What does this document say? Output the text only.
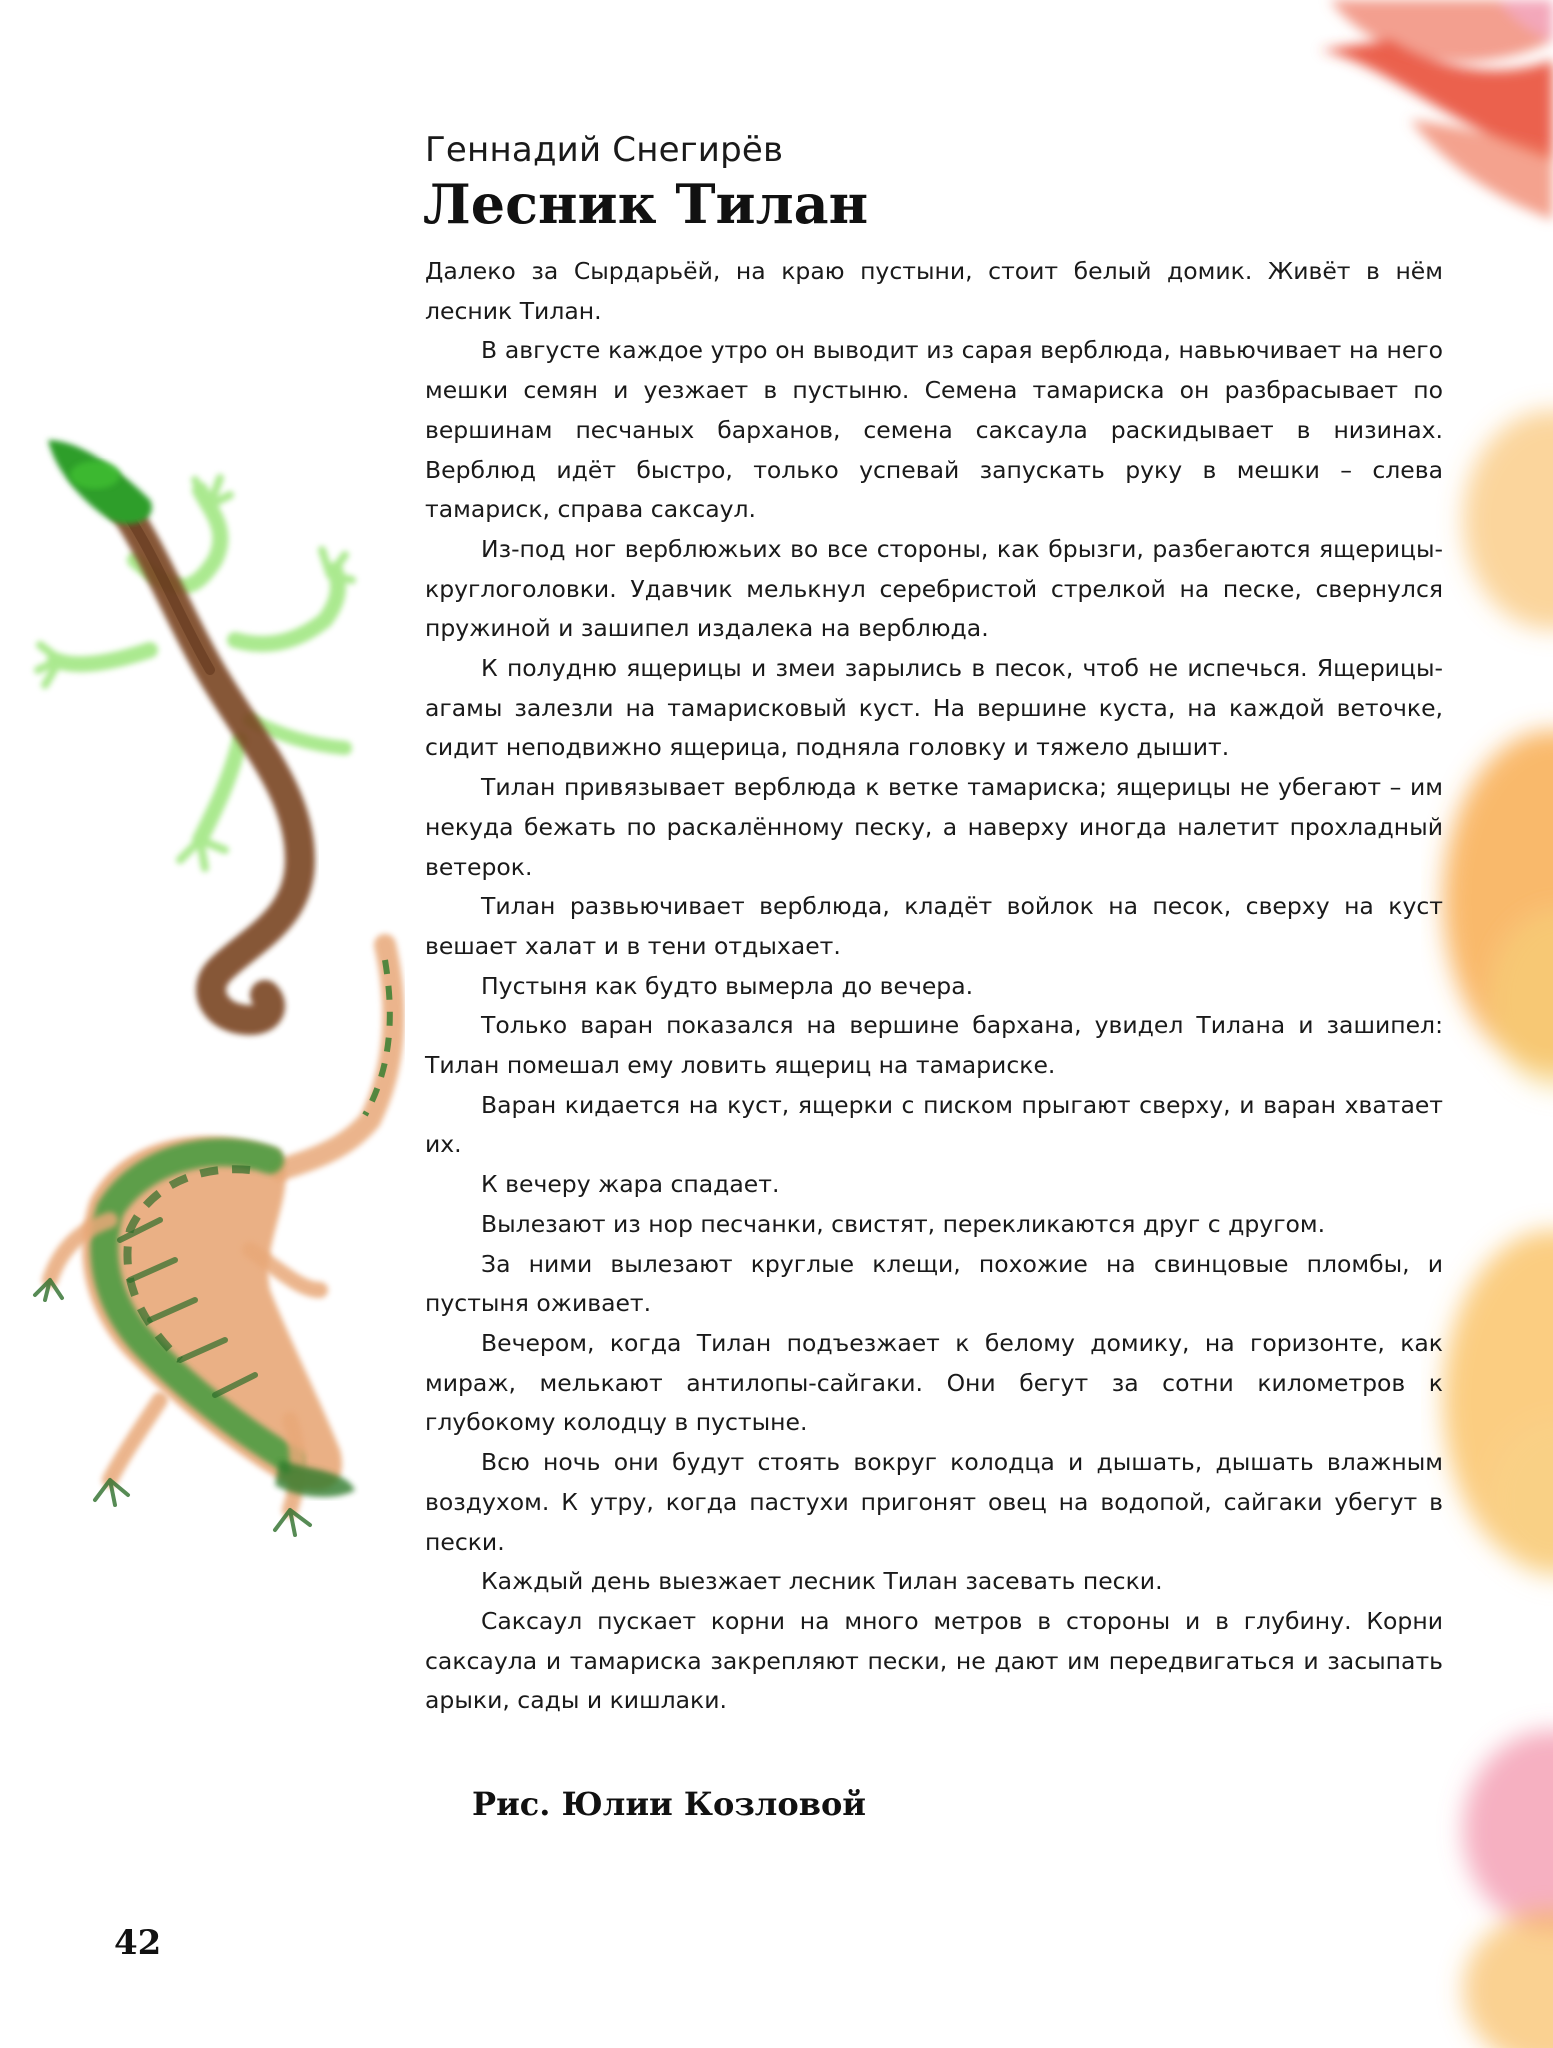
Геннадий Снегирёв
Лесник Тилан

Далеко за Сырдарьёй, на краю пустыни, стоит белый домик. Живёт в нём лесник Тилан.

В августе каждое утро он выводит из сарая верблюда, навьючивает на него мешки семян и уезжает в пустыню. Семена тамариска он разбрасывает по вершинам песчаных барханов, семена саксаула раскидывает в низинах. Верблюд идёт быстро, только успевай запускать руку в мешки – слева тамариск, справа саксаул.

Из-под ног верблюжьих во все стороны, как брызги, разбегаются ящерицы-круглоголовки. Удавчик мелькнул серебристой стрелкой на песке, свернулся пружиной и зашипел издалека на верблюда.

К полудню ящерицы и змеи зарылись в песок, чтоб не испечься. Ящерицы-агамы залезли на тамарисковый куст. На вершине куста, на каждой веточке, сидит неподвижно ящерица, подняла головку и тяжело дышит.

Тилан привязывает верблюда к ветке тамариска; ящерицы не убегают – им некуда бежать по раскалённому песку, а наверху иногда налетит прохладный ветерок.

Тилан развьючивает верблюда, кладёт войлок на песок, сверху на куст вешает халат и в тени отдыхает.

Пустыня как будто вымерла до вечера.

Только варан показался на вершине бархана, увидел Тилана и зашипел: Тилан помешал ему ловить ящериц на тамариске.

Варан кидается на куст, ящерки с писком прыгают сверху, и варан хватает их.

К вечеру жара спадает.

Вылезают из нор песчанки, свистят, перекликаются друг с другом.

За ними вылезают круглые клещи, похожие на свинцовые пломбы, и пустыня оживает.

Вечером, когда Тилан подъезжает к белому домику, на горизонте, как мираж, мелькают антилопы-сайгаки. Они бегут за сотни километров к глубокому колодцу в пустыне.

Всю ночь они будут стоять вокруг колодца и дышать, дышать влажным воздухом. К утру, когда пастухи пригонят овец на водопой, сайгаки убегут в пески.

Каждый день выезжает лесник Тилан засевать пески.

Саксаул пускает корни на много метров в стороны и в глубину. Корни саксаула и тамариска закрепляют пески, не дают им передвигаться и засыпать арыки, сады и кишлаки.

Рис. Юлии Козловой
42
